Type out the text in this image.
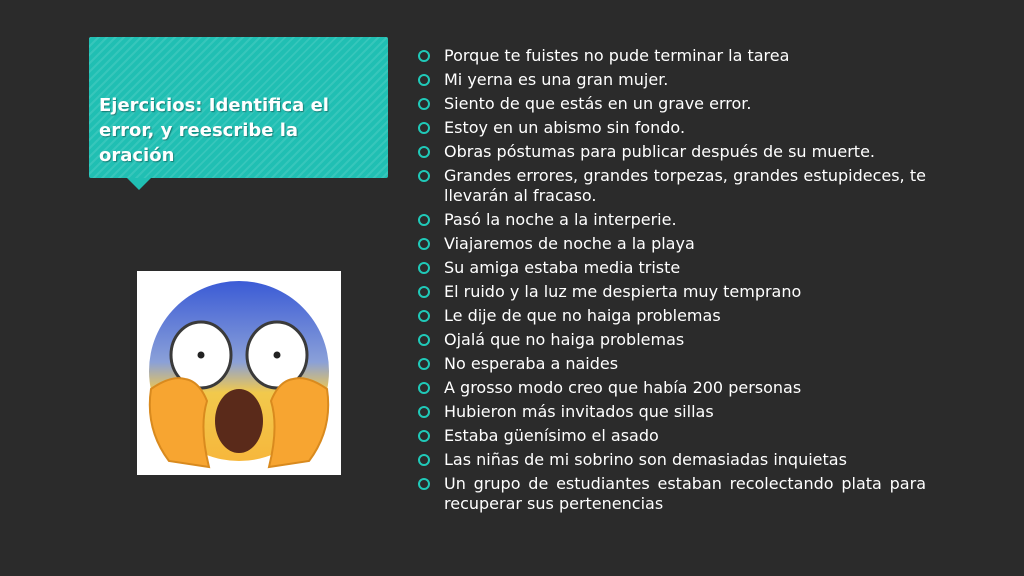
Ejercicios: Identifica el error, y reescribe la oración
Porque te fuistes no pude terminar la tarea
Mi yerna es una gran mujer.
Siento de que estás en un grave error.
Estoy en un abismo sin fondo.
Obras póstumas para publicar después de su muerte.
Grandes errores, grandes torpezas, grandes estupideces, te llevarán al fracaso.
Pasó la noche a la interperie.
Viajaremos de noche a la playa
Su amiga estaba media triste
El ruido y la luz me despierta muy temprano
Le dije de que no haiga problemas
Ojalá que no haiga problemas
No esperaba a naides
A grosso modo creo que había 200 personas
Hubieron más invitados que sillas
Estaba güenísimo el asado
Las niñas de mi sobrino son demasiadas inquietas
Un grupo de estudiantes estaban recolectando plata para recuperar sus pertenencias
